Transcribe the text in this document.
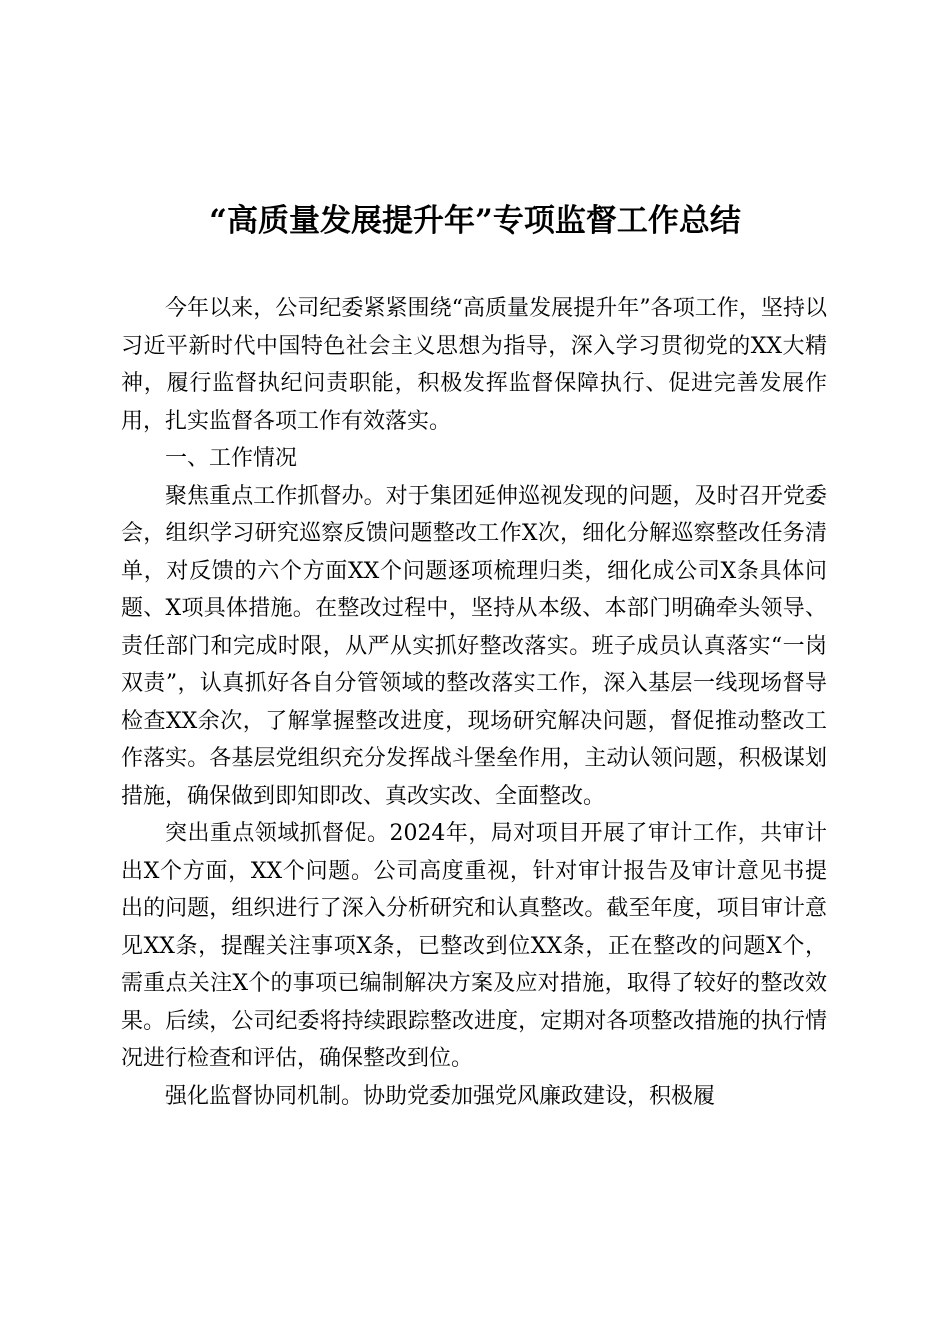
“高质量发展提升年”专项监督工作总结

今年以来，公司纪委紧紧围绕“高质量发展提升年”各项工作，坚持以习近平新时代中国特色社会主义思想为指导，深入学习贯彻党的XX大精神，履行监督执纪问责职能，积极发挥监督保障执行、促进完善发展作用，扎实监督各项工作有效落实。

一、工作情况

聚焦重点工作抓督办。对于集团延伸巡视发现的问题，及时召开党委会，组织学习研究巡察反馈问题整改工作X次，细化分解巡察整改任务清单，对反馈的六个方面XX个问题逐项梳理归类，细化成公司X条具体问题、X项具体措施。在整改过程中，坚持从本级、本部门明确牵头领导、责任部门和完成时限，从严从实抓好整改落实。班子成员认真落实“一岗双责”，认真抓好各自分管领域的整改落实工作，深入基层一线现场督导检查XX余次，了解掌握整改进度，现场研究解决问题，督促推动整改工作落实。各基层党组织充分发挥战斗堡垒作用，主动认领问题，积极谋划措施，确保做到即知即改、真改实改、全面整改。

突出重点领域抓督促。2024年，局对项目开展了审计工作，共审计出X个方面，XX个问题。公司高度重视，针对审计报告及审计意见书提出的问题，组织进行了深入分析研究和认真整改。截至年度，项目审计意见XX条，提醒关注事项X条，已整改到位XX条，正在整改的问题X个，需重点关注X个的事项已编制解决方案及应对措施，取得了较好的整改效果。后续，公司纪委将持续跟踪整改进度，定期对各项整改措施的执行情况进行检查和评估，确保整改到位。

强化监督协同机制。协助党委加强党风廉政建设，积极履
